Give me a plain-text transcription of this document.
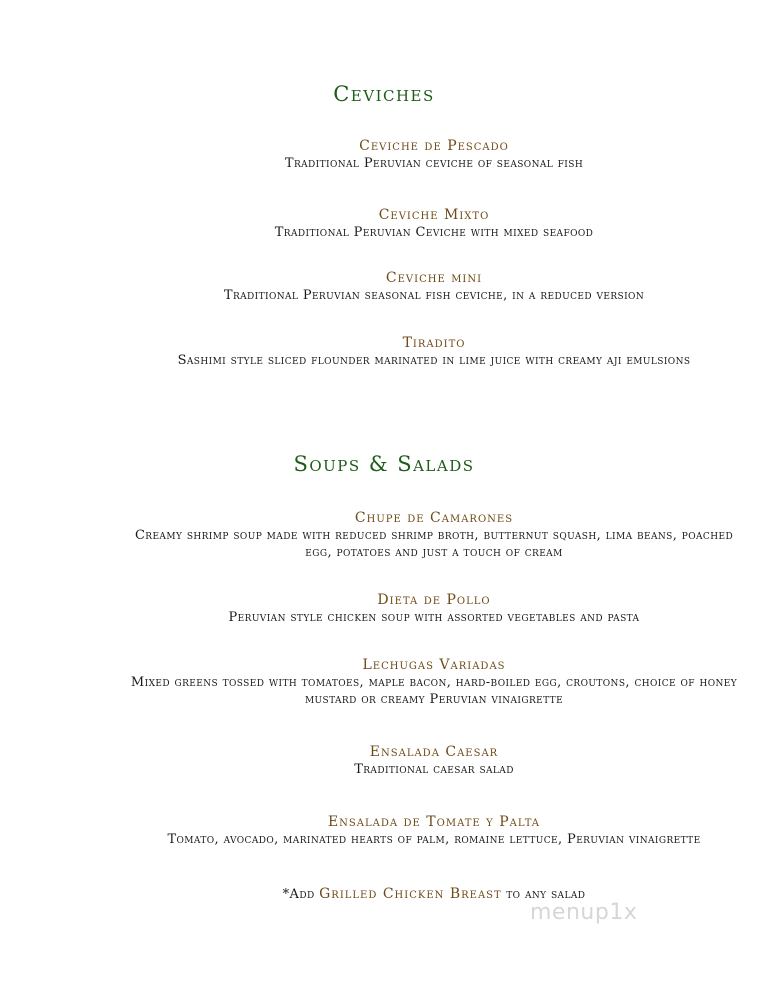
Ceviches
Ceviche de Pescado
Traditional Peruvian ceviche of seasonal fish
Ceviche Mixto
Traditional Peruvian Ceviche with mixed seafood
Ceviche mini
Traditional Peruvian seasonal fish ceviche, in a reduced version
Tiradito
Sashimi style sliced flounder marinated in lime juice with creamy aji emulsions
Soups & Salads
Chupe de Camarones
Creamy shrimp soup made with reduced shrimp broth, butternut squash, lima beans, poached egg, potatoes and just a touch of cream
Dieta de Pollo
Peruvian style chicken soup with assorted vegetables and pasta
Lechugas Variadas
Mixed greens tossed with tomatoes, maple bacon, hard-boiled egg, croutons, choice of honey mustard or creamy Peruvian vinaigrette
Ensalada Caesar
Traditional caesar salad
Ensalada de Tomate y Palta
Tomato, avocado, marinated hearts of palm, romaine lettuce, Peruvian vinaigrette
*Add Grilled Chicken Breast to any salad
menup1x
